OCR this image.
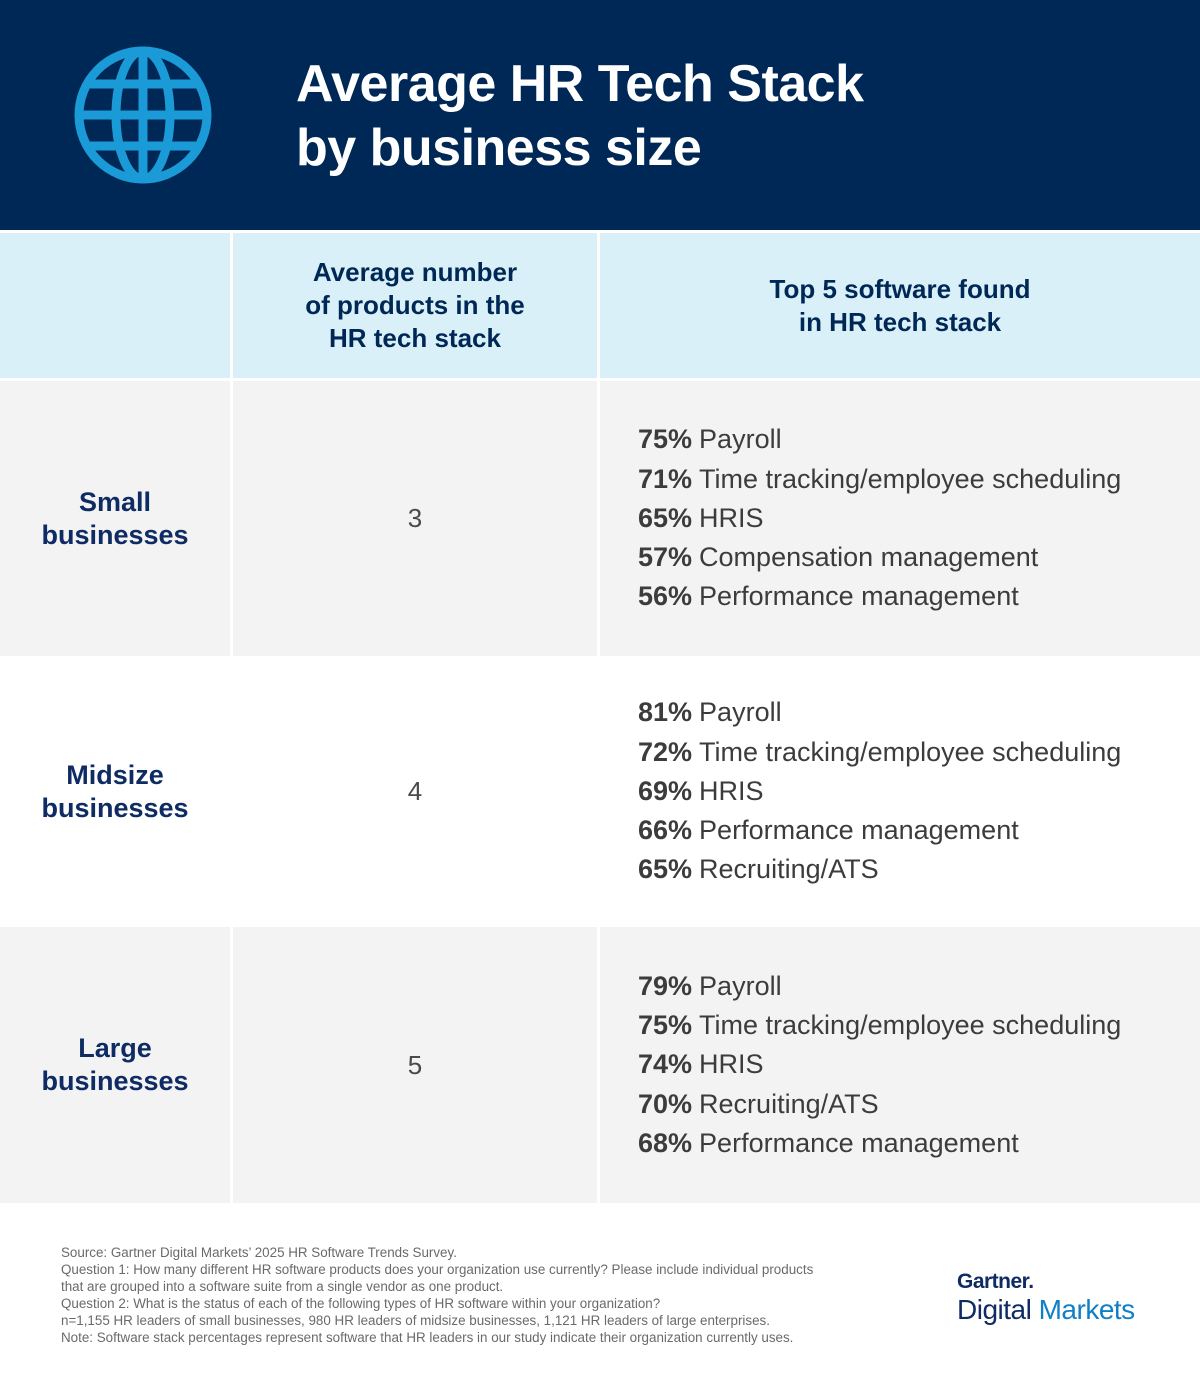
Average HR Tech Stack
by business size
Average number
of products in the
HR tech stack
Top 5 software found
in HR tech stack
Small
businesses
3
75% Payroll
71% Time tracking/employee scheduling
65% HRIS
57% Compensation management
56% Performance management
Midsize
businesses
4
81% Payroll
72% Time tracking/employee scheduling
69% HRIS
66% Performance management
65% Recruiting/ATS
Large
businesses
5
79% Payroll
75% Time tracking/employee scheduling
74% HRIS
70% Recruiting/ATS
68% Performance management
Source: Gartner Digital Markets’ 2025 HR Software Trends Survey.
Question 1: How many different HR software products does your organization use currently? Please include individual products
that are grouped into a software suite from a single vendor as one product.
Question 2: What is the status of each of the following types of HR software within your organization?
n=1,155 HR leaders of small businesses, 980 HR leaders of midsize businesses, 1,121 HR leaders of large enterprises.
Note: Software stack percentages represent software that HR leaders in our study indicate their organization currently uses.
Gartner.
Digital Markets
